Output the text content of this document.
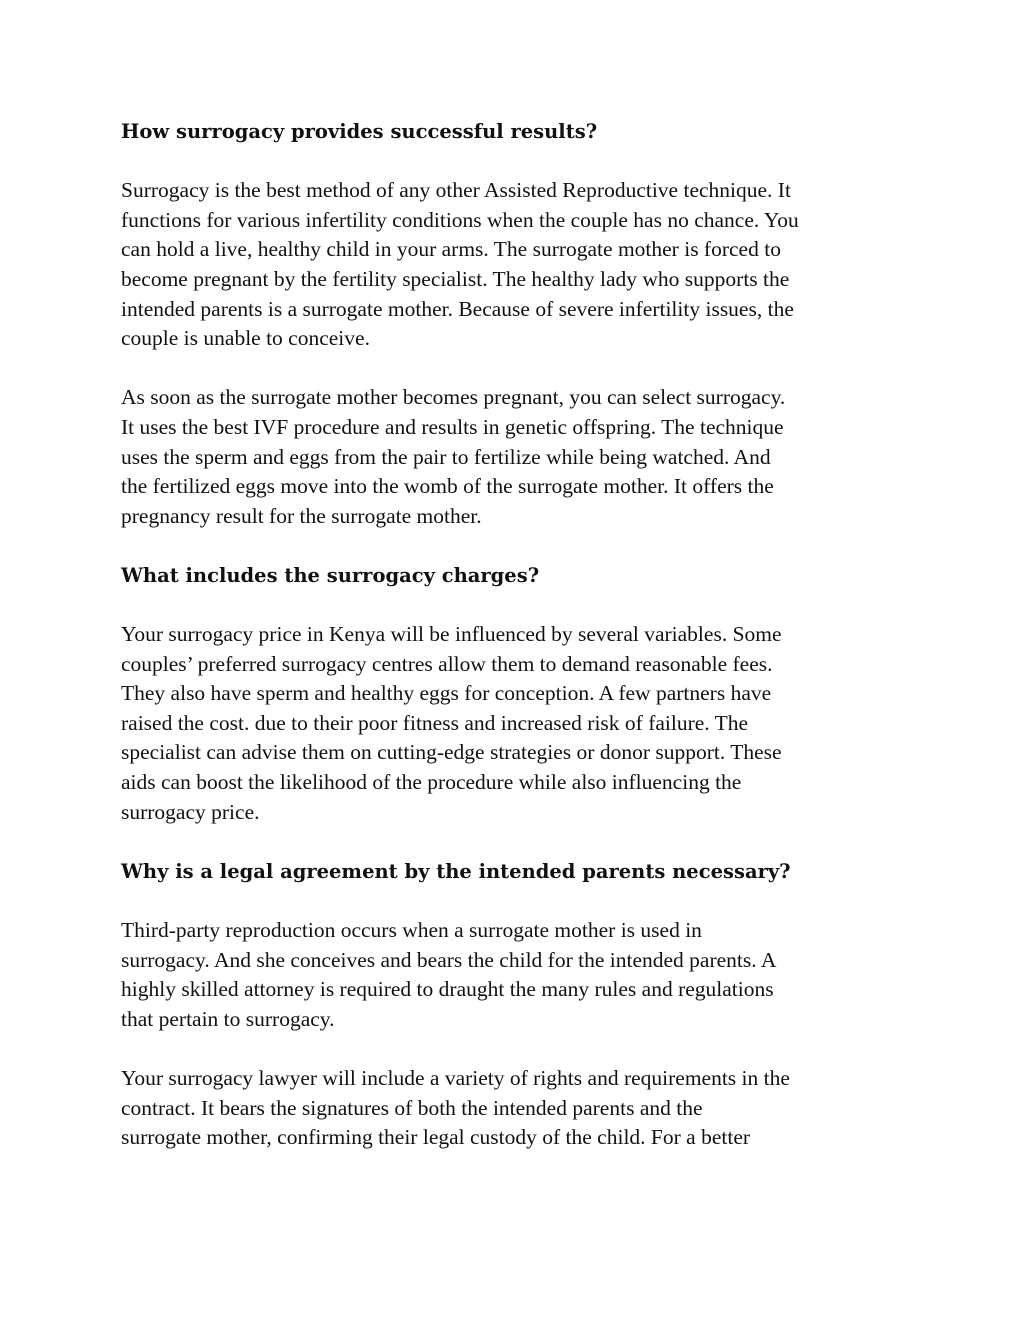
How surrogacy provides successful results?

Surrogacy is the best method of any other Assisted Reproductive technique. It
functions for various infertility conditions when the couple has no chance. You
can hold a live, healthy child in your arms. The surrogate mother is forced to
become pregnant by the fertility specialist. The healthy lady who supports the
intended parents is a surrogate mother. Because of severe infertility issues, the
couple is unable to conceive.

As soon as the surrogate mother becomes pregnant, you can select surrogacy.
It uses the best IVF procedure and results in genetic offspring. The technique
uses the sperm and eggs from the pair to fertilize while being watched. And
the fertilized eggs move into the womb of the surrogate mother. It offers the
pregnancy result for the surrogate mother.

What includes the surrogacy charges?

Your surrogacy price in Kenya will be influenced by several variables. Some
couples’ preferred surrogacy centres allow them to demand reasonable fees.
They also have sperm and healthy eggs for conception. A few partners have
raised the cost. due to their poor fitness and increased risk of failure. The
specialist can advise them on cutting-edge strategies or donor support. These
aids can boost the likelihood of the procedure while also influencing the
surrogacy price.

Why is a legal agreement by the intended parents necessary?

Third-party reproduction occurs when a surrogate mother is used in
surrogacy. And she conceives and bears the child for the intended parents. A
highly skilled attorney is required to draught the many rules and regulations
that pertain to surrogacy.

Your surrogacy lawyer will include a variety of rights and requirements in the
contract. It bears the signatures of both the intended parents and the
surrogate mother, confirming their legal custody of the child. For a better
